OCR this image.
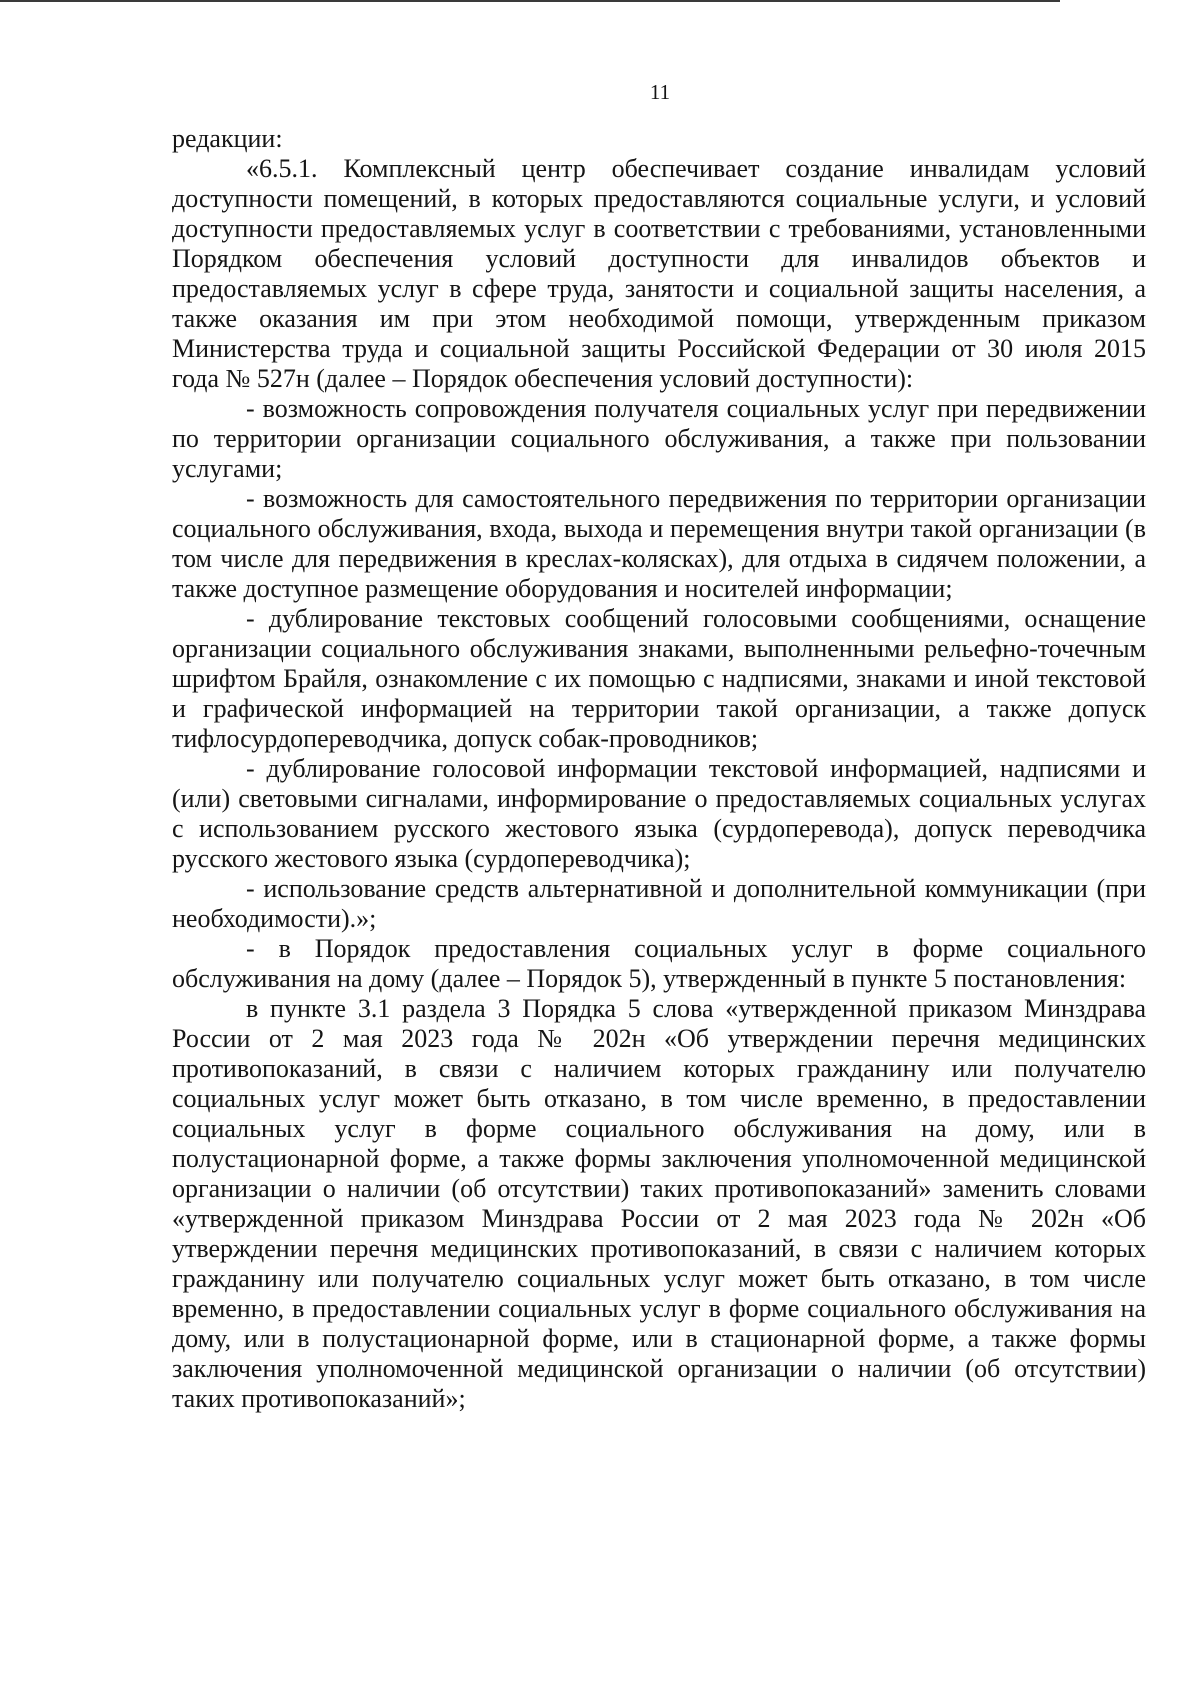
11

редакции:

«6.5.1. Комплексный центр обеспечивает создание инвалидам условий доступности помещений, в которых предоставляются социальные услуги, и условий доступности предоставляемых услуг в соответствии с требованиями, установленными Порядком обеспечения условий доступности для инвалидов объектов и предоставляемых услуг в сфере труда, занятости и социальной защиты населения, а также оказания им при этом необходимой помощи, утвержденным приказом Министерства труда и социальной защиты Российской Федерации от 30 июля 2015 года № 527н (далее – Порядок обеспечения условий доступности):

- возможность сопровождения получателя социальных услуг при передвижении по территории организации социального обслуживания, а также при пользовании услугами;

- возможность для самостоятельного передвижения по территории организации социального обслуживания, входа, выхода и перемещения внутри такой организации (в том числе для передвижения в креслах-колясках), для отдыха в сидячем положении, а также доступное размещение оборудования и носителей информации;

- дублирование текстовых сообщений голосовыми сообщениями, оснащение организации социального обслуживания знаками, выполненными рельефно-точечным шрифтом Брайля, ознакомление с их помощью с надписями, знаками и иной текстовой и графической информацией на территории такой организации, а также допуск тифлосурдопереводчика, допуск собак-проводников;

- дублирование голосовой информации текстовой информацией, надписями и (или) световыми сигналами, информирование о предоставляемых социальных услугах с использованием русского жестового языка (сурдоперевода), допуск переводчика русского жестового языка (сурдопереводчика);

- использование средств альтернативной и дополнительной коммуникации (при необходимости).»;

- в Порядок предоставления социальных услуг в форме социального обслуживания на дому (далее – Порядок 5), утвержденный в пункте 5 постановления:

в пункте 3.1 раздела 3 Порядка 5 слова «утвержденной приказом Минздрава России от 2 мая 2023 года № 202н «Об утверждении перечня медицинских противопоказаний, в связи с наличием которых гражданину или получателю социальных услуг может быть отказано, в том числе временно, в предоставлении социальных услуг в форме социального обслуживания на дому, или в полустационарной форме, а также формы заключения уполномоченной медицинской организации о наличии (об отсутствии) таких противопоказаний» заменить словами «утвержденной приказом Минздрава России от 2 мая 2023 года № 202н «Об утверждении перечня медицинских противопоказаний, в связи с наличием которых гражданину или получателю социальных услуг может быть отказано, в том числе временно, в предоставлении социальных услуг в форме социального обслуживания на дому, или в полустационарной форме, или в стационарной форме, а также формы заключения уполномоченной медицинской организации о наличии (об отсутствии) таких противопоказаний»;
